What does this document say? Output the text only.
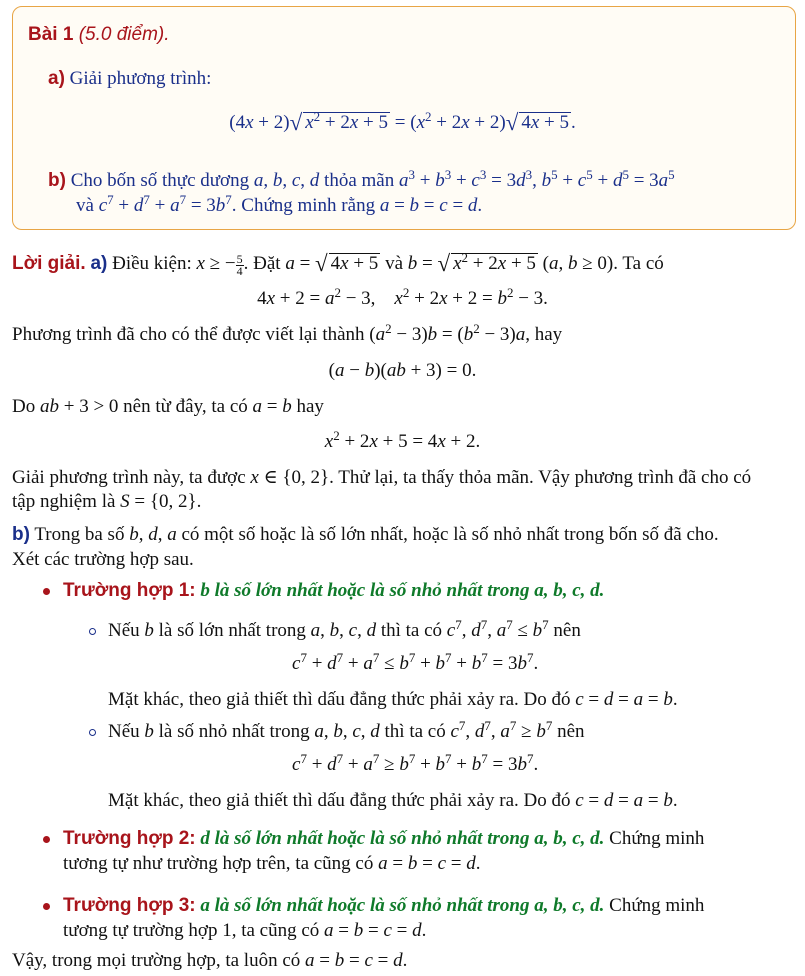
Bài 1 (5.0 điểm).
a) Giải phương trình:
(4x + 2)√ $x^2 + 2x + 5 = (x^2 + 2x + 2)√$ 4x + 5 .
b) Cho bốn số thực dương a, b, c, d thỏa mãn $a^3 + b^3 + c^3 = 3d^3$, $b^5 + c^5 + d^5 = 3a^5$
và $c^7 + d^7 + a^7 = 3b^7$. Chứng minh rằng a = b = c = d.
Lời giải. a) Điều kiện: x ≥ − $\frac{5}{4}$ . Đặt a = √ 4x + 5 và b = √ $x^2 + 2x + 5$ (a, b ≥ 0). Ta có
$4x + 2 = a^2 - 3$,    $x^2 + 2x + 2 = b^2 - 3$.
Phương trình đã cho có thể được viết lại thành $(a^2 - 3)b = (b^2 - 3)a$, hay
(a − b)(ab + 3) = 0.
Do ab + 3 > 0 nên từ đây, ta có a = b hay
$x^2 + 2x + 5 = 4x + 2$.
Giải phương trình này, ta được x ∈ {0, 2}. Thử lại, ta thấy thỏa mãn. Vậy phương trình đã cho có
tập nghiệm là S = {0, 2}.
b) Trong ba số b, d, a có một số hoặc là số lớn nhất, hoặc là số nhỏ nhất trong bốn số đã cho.
Xét các trường hợp sau.
Trường hợp 1: b là số lớn nhất hoặc là số nhỏ nhất trong a, b, c, d.
Nếu b là số lớn nhất trong a, b, c, d thì ta có $c^7$, $d^7$, $a^7 \le b^7$ nên
$c^7 + d^7 + a^7 \le b^7 + b^7 + b^7 = 3b^7$.
Mặt khác, theo giả thiết thì dấu đẳng thức phải xảy ra. Do đó c = d = a = b.
Nếu b là số nhỏ nhất trong a, b, c, d thì ta có $c^7$, $d^7$, $a^7 \ge b^7$ nên
$c^7 + d^7 + a^7 \ge b^7 + b^7 + b^7 = 3b^7$.
Mặt khác, theo giả thiết thì dấu đẳng thức phải xảy ra. Do đó c = d = a = b.
Trường hợp 2: d là số lớn nhất hoặc là số nhỏ nhất trong a, b, c, d. Chứng minh
tương tự như trường hợp trên, ta cũng có a = b = c = d.
Trường hợp 3: a là số lớn nhất hoặc là số nhỏ nhất trong a, b, c, d. Chứng minh
tương tự trường hợp 1, ta cũng có a = b = c = d.
Vậy, trong mọi trường hợp, ta luôn có a = b = c = d.
